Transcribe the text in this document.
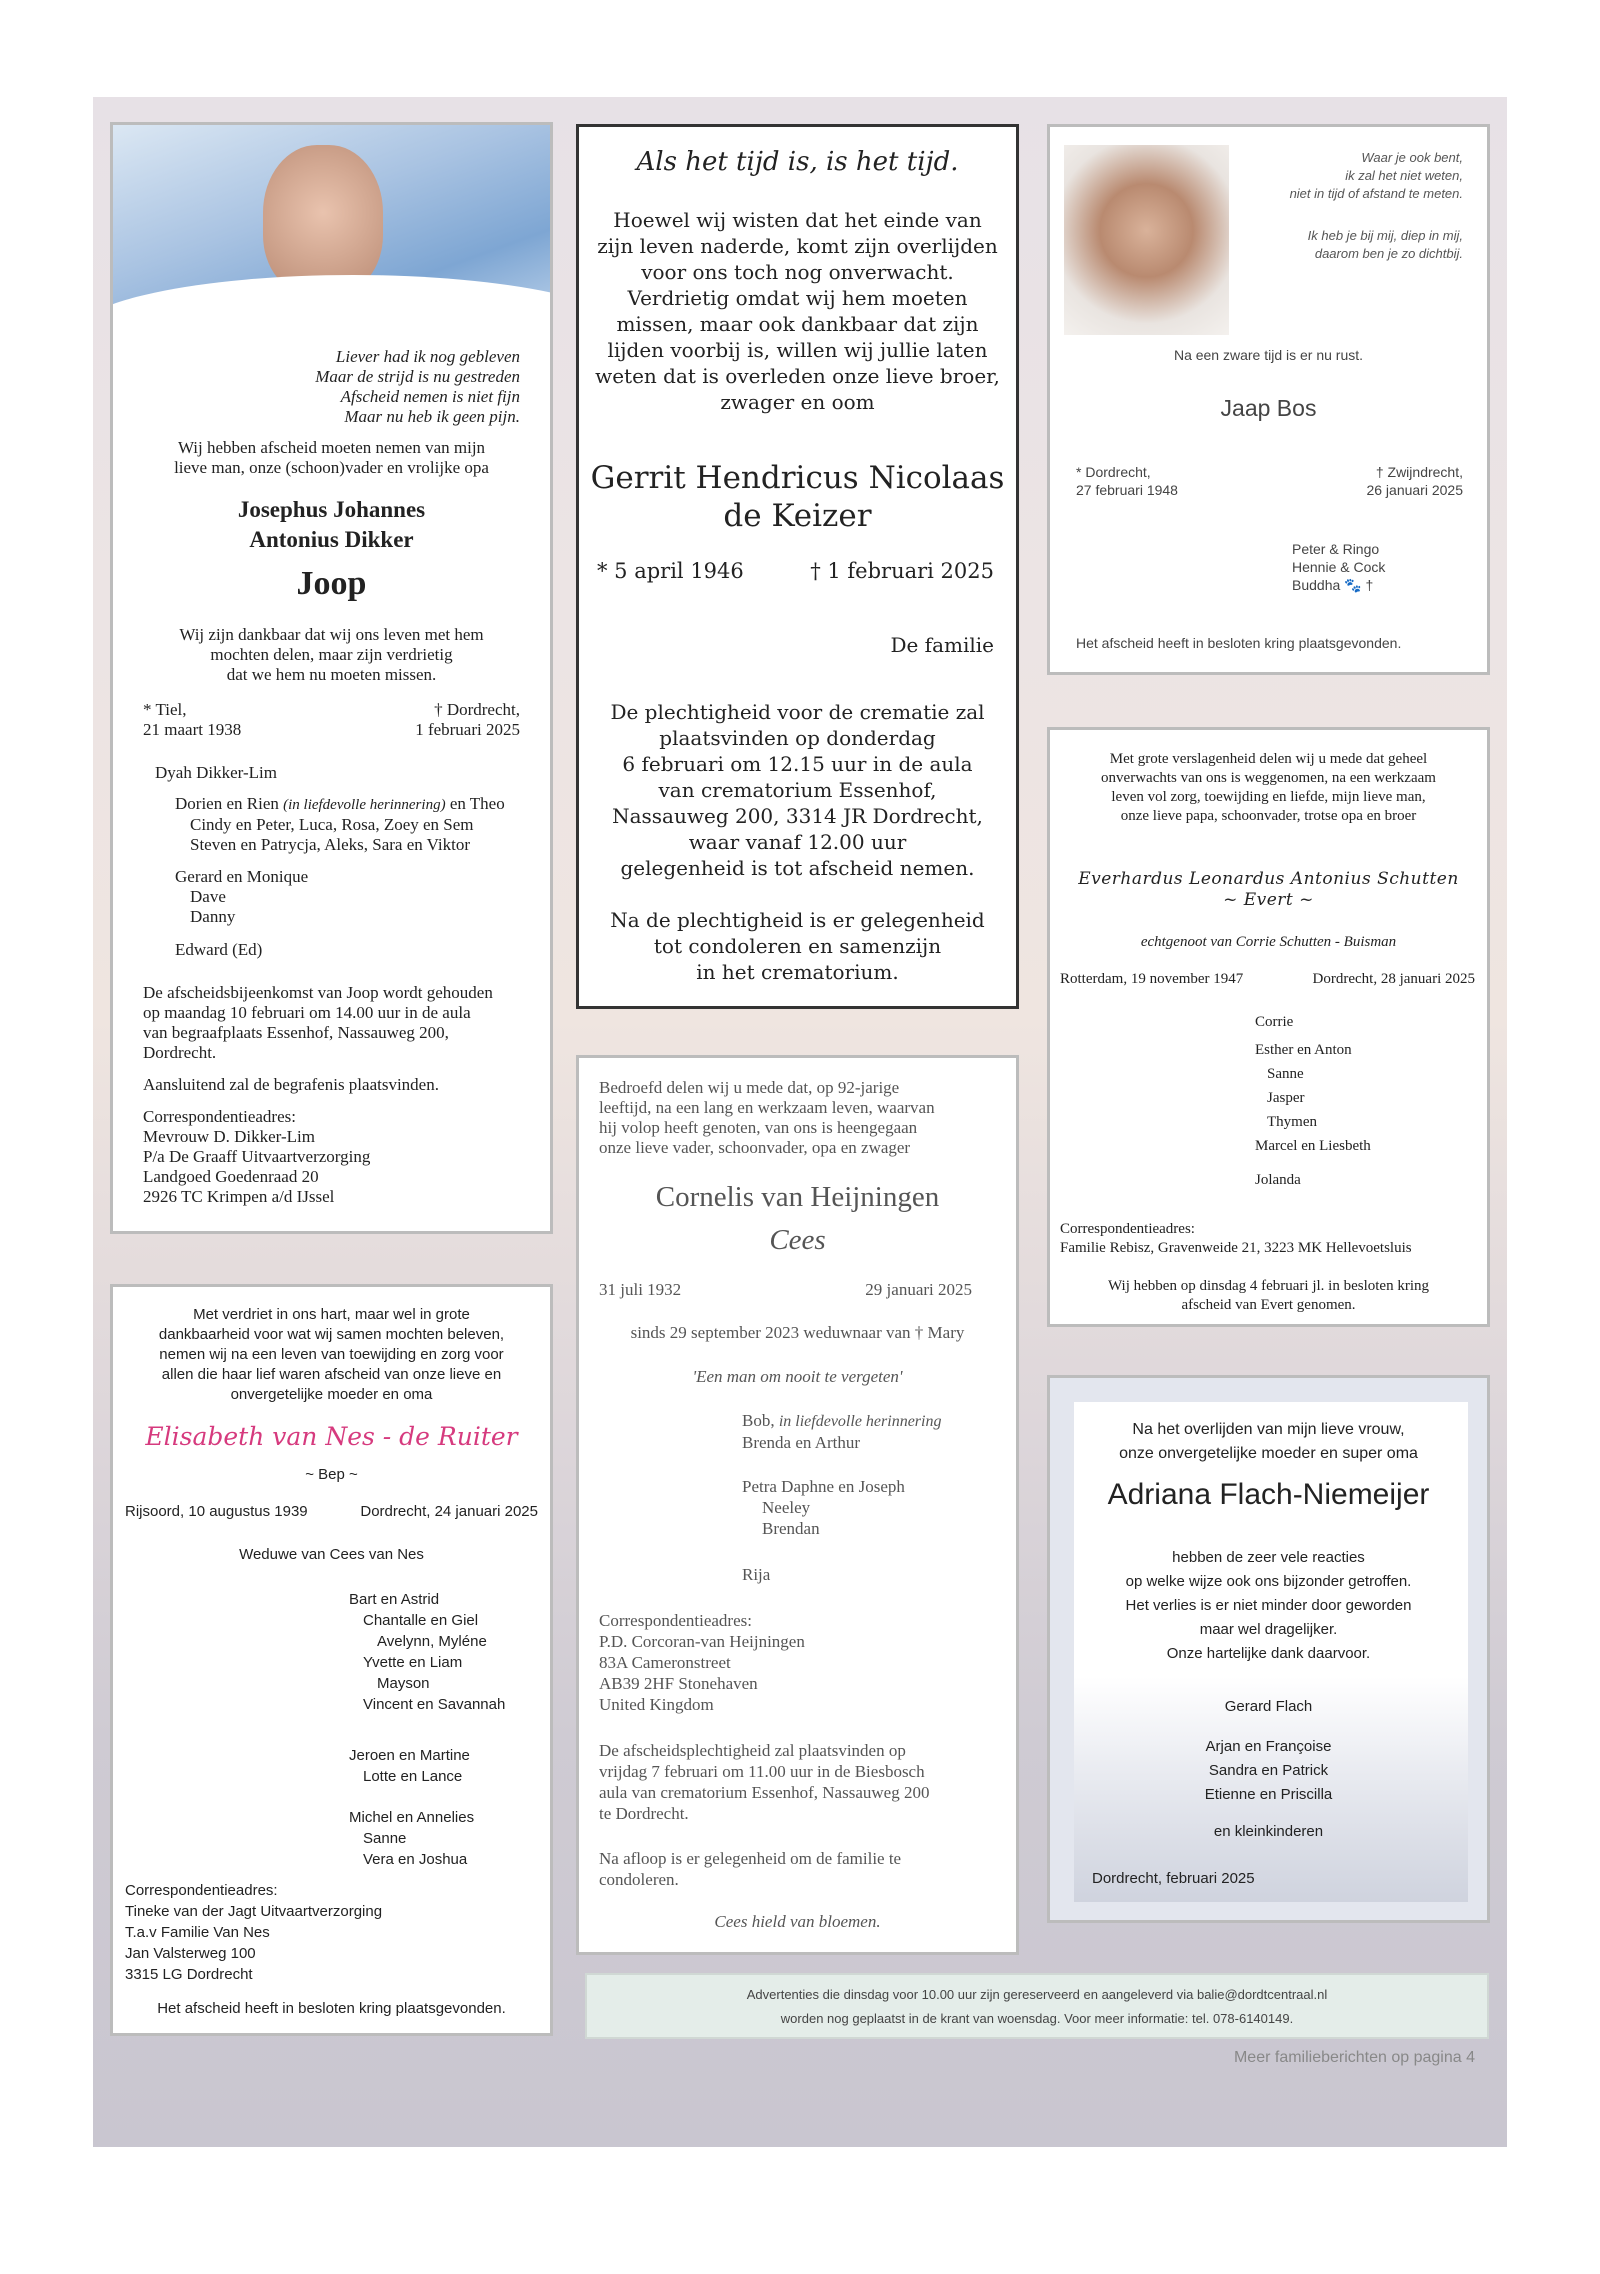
Liever had ik nog gebleven
Maar de strijd is nu gestreden
Afscheid nemen is niet fijn
Maar nu heb ik geen pijn.
Wij hebben afscheid moeten nemen van mijn
lieve man, onze (schoon)vader en vrolijke opa
Josephus Johannes
Antonius Dikker
Joop
Wij zijn dankbaar dat wij ons leven met hem
mochten delen, maar zijn verdrietig
dat we hem nu moeten missen.
* Tiel,
21 maart 1938
† Dordrecht,
1 februari 2025
Dyah Dikker-Lim
Dorien en Rien (in liefdevolle herinnering) en Theo
Cindy en Peter, Luca, Rosa, Zoey en Sem
Steven en Patrycja, Aleks, Sara en Viktor
Gerard en Monique
Dave
Danny
Edward (Ed)
De afscheidsbijeenkomst van Joop wordt gehouden
op maandag 10 februari om 14.00 uur in de aula
van begraafplaats Essenhof, Nassauweg 200,
Dordrecht.
Aansluitend zal de begrafenis plaatsvinden.
Correspondentieadres:
Mevrouw D. Dikker-Lim
P/a De Graaff Uitvaartverzorging
Landgoed Goedenraad 20
2926 TC Krimpen a/d IJssel
Als het tijd is, is het tijd.
Hoewel wij wisten dat het einde van
zijn leven naderde, komt zijn overlijden
voor ons toch nog onverwacht.
Verdrietig omdat wij hem moeten
missen, maar ook dankbaar dat zijn
lijden voorbij is, willen wij jullie laten
weten dat is overleden onze lieve broer,
zwager en oom
Gerrit Hendricus Nicolaas
de Keizer
* 5 april 1946	† 1 februari 2025
De familie
De plechtigheid voor de crematie zal
plaatsvinden op donderdag
6 februari om 12.15 uur in de aula
van crematorium Essenhof,
Nassauweg 200, 3314 JR Dordrecht,
waar vanaf 12.00 uur
gelegenheid is tot afscheid nemen.
Na de plechtigheid is er gelegenheid
tot condoleren en samenzijn
in het crematorium.
Waar je ook bent,
ik zal het niet weten,
niet in tijd of afstand te meten.
Ik heb je bij mij, diep in mij,
daarom ben je zo dichtbij.
Na een zware tijd is er nu rust.
Jaap Bos
* Dordrecht,
27 februari 1948
† Zwijndrecht,
26 januari 2025
Peter & Ringo
Hennie & Cock
Buddha 🐾 †
Het afscheid heeft in besloten kring plaatsgevonden.
Met grote verslagenheid delen wij u mede dat geheel
onverwachts van ons is weggenomen, na een werkzaam
leven vol zorg, toewijding en liefde, mijn lieve man,
onze lieve papa, schoonvader, trotse opa en broer
Everhardus Leonardus Antonius Schutten
~ Evert ~
echtgenoot van Corrie Schutten - Buisman
Rotterdam, 19 november 1947	Dordrecht, 28 januari 2025
Corrie
Esther en Anton
Sanne
Jasper
Thymen
Marcel en Liesbeth
Jolanda
Correspondentieadres:
Familie Rebisz, Gravenweide 21, 3223 MK Hellevoetsluis
Wij hebben op dinsdag 4 februari jl. in besloten kring
afscheid van Evert genomen.
Bedroefd delen wij u mede dat, op 92-jarige
leeftijd, na een lang en werkzaam leven, waarvan
hij volop heeft genoten, van ons is heengegaan
onze lieve vader, schoonvader, opa en zwager
Cornelis van Heijningen
Cees
31 juli 1932	29 januari 2025
sinds 29 september 2023 weduwnaar van † Mary
'Een man om nooit te vergeten'
Bob, in liefdevolle herinnering
Brenda en Arthur
Petra Daphne en Joseph
Neeley
Brendan
Rija
Correspondentieadres:
P.D. Corcoran-van Heijningen
83A Cameronstreet
AB39 2HF Stonehaven
United Kingdom
De afscheidsplechtigheid zal plaatsvinden op
vrijdag 7 februari om 11.00 uur in de Biesbosch
aula van crematorium Essenhof, Nassauweg 200
te Dordrecht.
Na afloop is er gelegenheid om de familie te
condoleren.
Cees hield van bloemen.
Na het overlijden van mijn lieve vrouw,
onze onvergetelijke moeder en super oma
Adriana Flach-Niemeijer
hebben de zeer vele reacties
op welke wijze ook ons bijzonder getroffen.
Het verlies is er niet minder door geworden
maar wel dragelijker.
Onze hartelijke dank daarvoor.
Gerard Flach
Arjan en Françoise
Sandra en Patrick
Etienne en Priscilla
en kleinkinderen
Dordrecht, februari 2025
Met verdriet in ons hart, maar wel in grote
dankbaarheid voor wat wij samen mochten beleven,
nemen wij na een leven van toewijding en zorg voor
allen die haar lief waren afscheid van onze lieve en
onvergetelijke moeder en oma
Elisabeth van Nes - de Ruiter
~ Bep ~
Rijsoord, 10 augustus 1939	Dordrecht, 24 januari 2025
Weduwe van Cees van Nes
Bart en Astrid
Chantalle en Giel
Avelynn, Myléne
Yvette en Liam
Mayson
Vincent en Savannah
Jeroen en Martine
Lotte en Lance
Michel en Annelies
Sanne
Vera en Joshua
Correspondentieadres:
Tineke van der Jagt Uitvaartverzorging
T.a.v Familie Van Nes
Jan Valsterweg 100
3315 LG Dordrecht
Het afscheid heeft in besloten kring plaatsgevonden.
Advertenties die dinsdag voor 10.00 uur zijn gereserveerd en aangeleverd via balie@dordtcentraal.nl
worden nog geplaatst in de krant van woensdag. Voor meer informatie: tel. 078-6140149.
Meer familieberichten op pagina 4
